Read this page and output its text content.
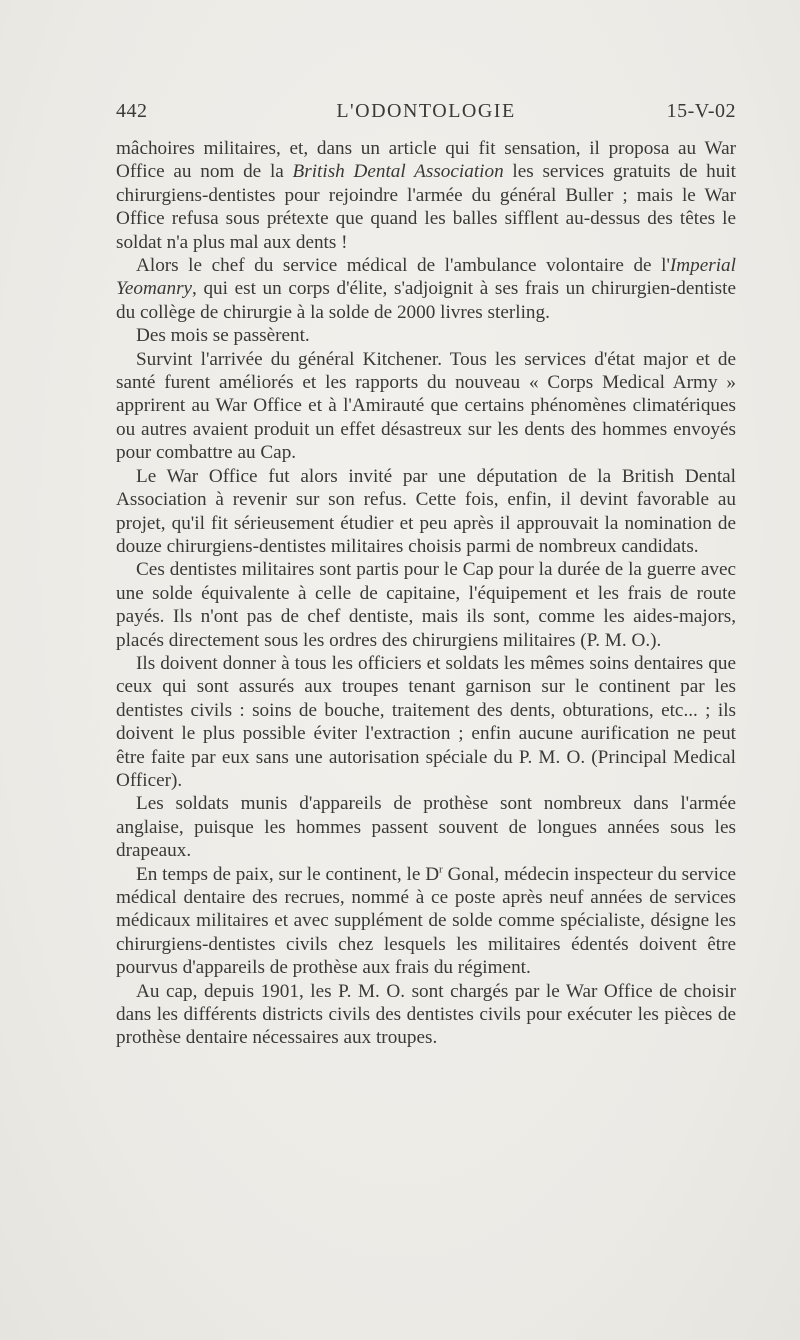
442	L'ODONTOLOGIE	15-V-02

mâchoires militaires, et, dans un article qui fit sensation, il proposa au War Office au nom de la British Dental Association les services gratuits de huit chirurgiens-dentistes pour rejoindre l'armée du général Buller ; mais le War Office refusa sous prétexte que quand les balles sifflent au-dessus des têtes le soldat n'a plus mal aux dents !

Alors le chef du service médical de l'ambulance volontaire de l'Imperial Yeomanry, qui est un corps d'élite, s'adjoignit à ses frais un chirurgien-dentiste du collège de chirurgie à la solde de 2000 livres sterling.

Des mois se passèrent.

Survint l'arrivée du général Kitchener. Tous les services d'état major et de santé furent améliorés et les rapports du nouveau « Corps Medical Army » apprirent au War Office et à l'Amirauté que certains phénomènes climatériques ou autres avaient produit un effet désastreux sur les dents des hommes envoyés pour combattre au Cap.

Le War Office fut alors invité par une députation de la British Dental Association à revenir sur son refus. Cette fois, enfin, il devint favorable au projet, qu'il fit sérieusement étudier et peu après il approuvait la nomination de douze chirurgiens-dentistes militaires choisis parmi de nombreux candidats.

Ces dentistes militaires sont partis pour le Cap pour la durée de la guerre avec une solde équivalente à celle de capitaine, l'équipement et les frais de route payés. Ils n'ont pas de chef dentiste, mais ils sont, comme les aides-majors, placés directement sous les ordres des chirurgiens militaires (P. M. O.).

Ils doivent donner à tous les officiers et soldats les mêmes soins dentaires que ceux qui sont assurés aux troupes tenant garnison sur le continent par les dentistes civils : soins de bouche, traitement des dents, obturations, etc... ; ils doivent le plus possible éviter l'extraction ; enfin aucune aurification ne peut être faite par eux sans une autorisation spéciale du P. M. O. (Principal Medical Officer).

Les soldats munis d'appareils de prothèse sont nombreux dans l'armée anglaise, puisque les hommes passent souvent de longues années sous les drapeaux.

En temps de paix, sur le continent, le $D^r$ Gonal, médecin inspecteur du service médical dentaire des recrues, nommé à ce poste après neuf années de services médicaux militaires et avec supplément de solde comme spécialiste, désigne les chirurgiens-dentistes civils chez lesquels les militaires édentés doivent être pourvus d'appareils de prothèse aux frais du régiment.

Au cap, depuis 1901, les P. M. O. sont chargés par le War Office de choisir dans les différents districts civils des dentistes civils pour exécuter les pièces de prothèse dentaire nécessaires aux troupes.
